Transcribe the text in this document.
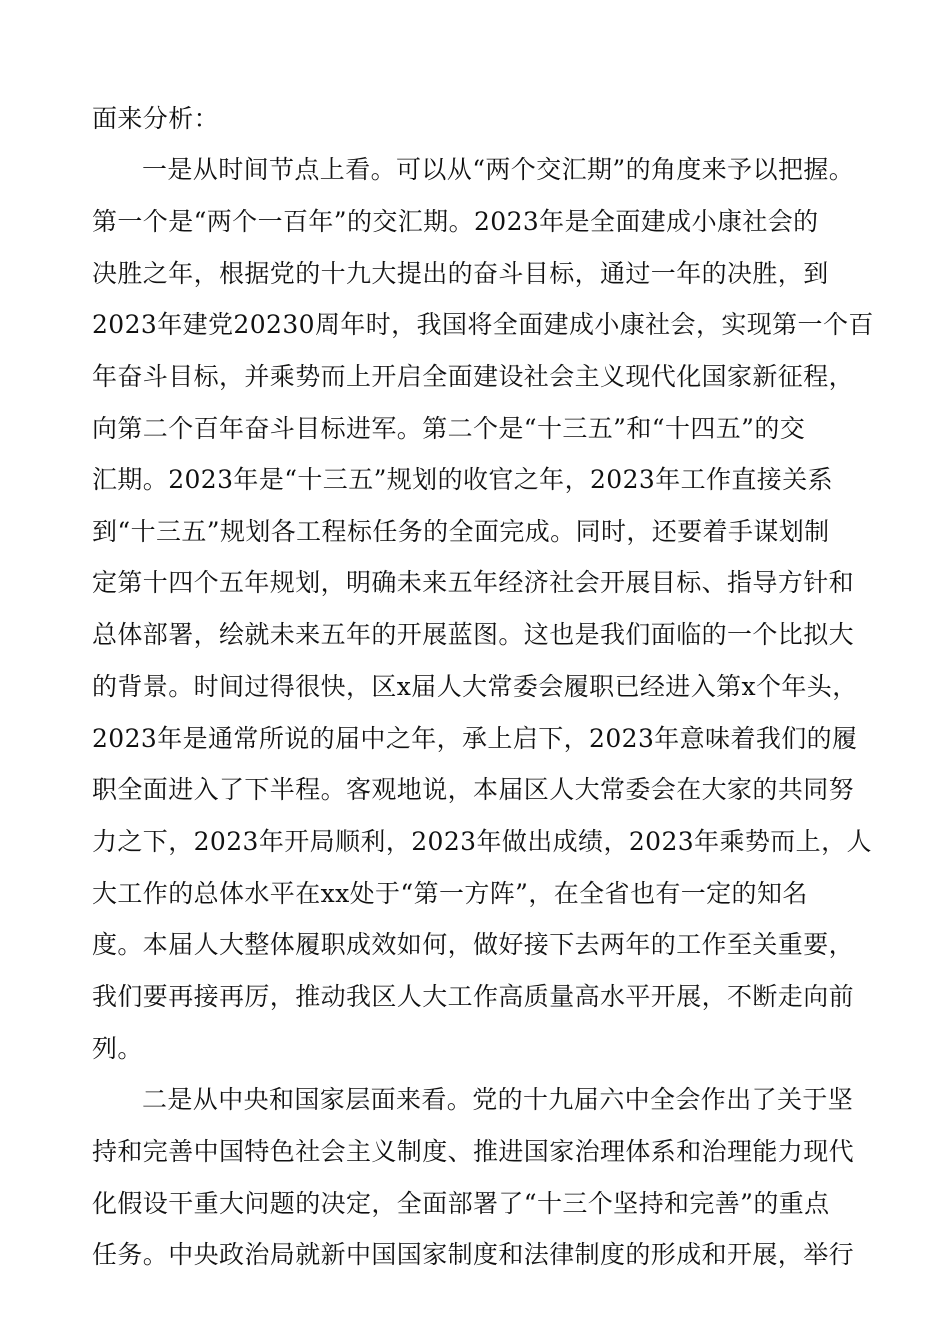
面来分析：
一是从时间节点上看。可以从“两个交汇期”的角度来予以把握。
第一个是“两个一百年”的交汇期。2023年是全面建成小康社会的
决胜之年，根据党的十九大提出的奋斗目标，通过一年的决胜，到
2023年建党20230周年时，我国将全面建成小康社会，实现第一个百
年奋斗目标，并乘势而上开启全面建设社会主义现代化国家新征程，
向第二个百年奋斗目标进军。第二个是“十三五”和“十四五”的交
汇期。2023年是“十三五”规划的收官之年，2023年工作直接关系
到“十三五”规划各工程标任务的全面完成。同时，还要着手谋划制
定第十四个五年规划，明确未来五年经济社会开展目标、指导方针和
总体部署，绘就未来五年的开展蓝图。这也是我们面临的一个比拟大
的背景。时间过得很快，区x届人大常委会履职已经进入第x个年头，
2023年是通常所说的届中之年，承上启下，2023年意味着我们的履
职全面进入了下半程。客观地说，本届区人大常委会在大家的共同努
力之下，2023年开局顺利，2023年做出成绩，2023年乘势而上，人
大工作的总体水平在xx处于“第一方阵”，在全省也有一定的知名
度。本届人大整体履职成效如何，做好接下去两年的工作至关重要，
我们要再接再厉，推动我区人大工作高质量高水平开展，不断走向前
列。
二是从中央和国家层面来看。党的十九届六中全会作出了关于坚
持和完善中国特色社会主义制度、推进国家治理体系和治理能力现代
化假设干重大问题的决定，全面部署了“十三个坚持和完善”的重点
任务。中央政治局就新中国国家制度和法律制度的形成和开展，举行
